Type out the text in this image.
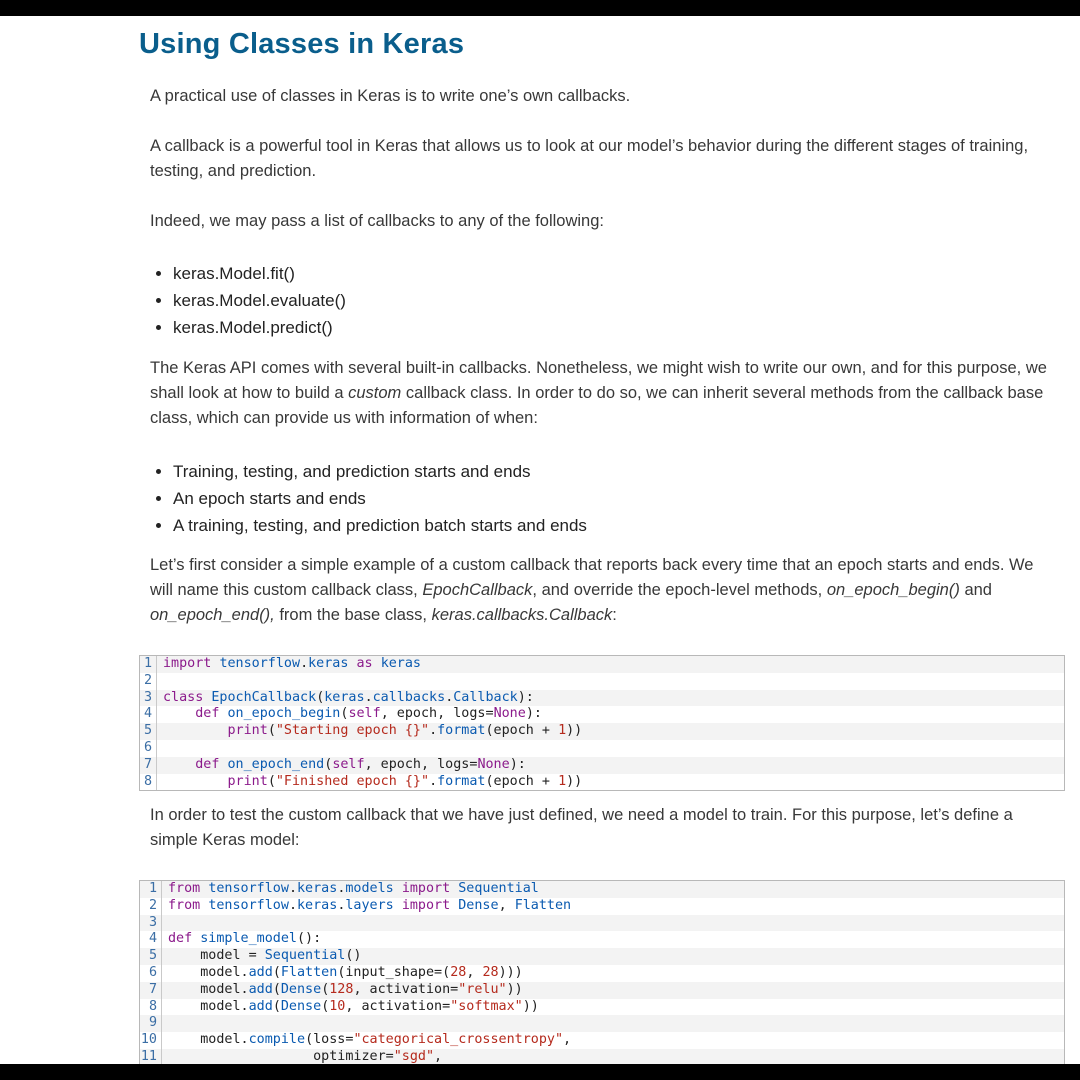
Using Classes in Keras

A practical use of classes in Keras is to write one’s own callbacks.

A callback is a powerful tool in Keras that allows us to look at our model’s behavior during the different stages of training, testing, and prediction.

Indeed, we may pass a list of callbacks to any of the following:

keras.Model.fit()
keras.Model.evaluate()
keras.Model.predict()

The Keras API comes with several built-in callbacks. Nonetheless, we might wish to write our own, and for this purpose, we shall look at how to build a custom callback class. In order to do so, we can inherit several methods from the callback base class, which can provide us with information of when:

Training, testing, and prediction starts and ends
An epoch starts and ends
A training, testing, and prediction batch starts and ends

Let’s first consider a simple example of a custom callback that reports back every time that an epoch starts and ends. We will name this custom callback class, EpochCallback, and override the epoch-level methods, on_epoch_begin() and on_epoch_end(), from the base class, keras.callbacks.Callback:

1 import tensorflow.keras as keras
2
3 class EpochCallback(keras.callbacks.Callback):
4	def on_epoch_begin(self, epoch, logs=None):
5	print("Starting epoch {}".format(epoch + 1))
6
7	def on_epoch_end(self, epoch, logs=None):
8	print("Finished epoch {}".format(epoch + 1))

In order to test the custom callback that we have just defined, we need a model to train. For this purpose, let’s define a simple Keras model:

1 from tensorflow.keras.models import Sequential
2 from tensorflow.keras.layers import Dense, Flatten
3
4 def simple_model():
5 model = Sequential()
6 model.add(Flatten(input_shape=(28, 28)))
7 model.add(Dense(128, activation="relu"))
8 model.add(Dense(10, activation="softmax"))
9
10 model.compile(loss="categorical_crossentropy",
11 optimizer="sgd",
